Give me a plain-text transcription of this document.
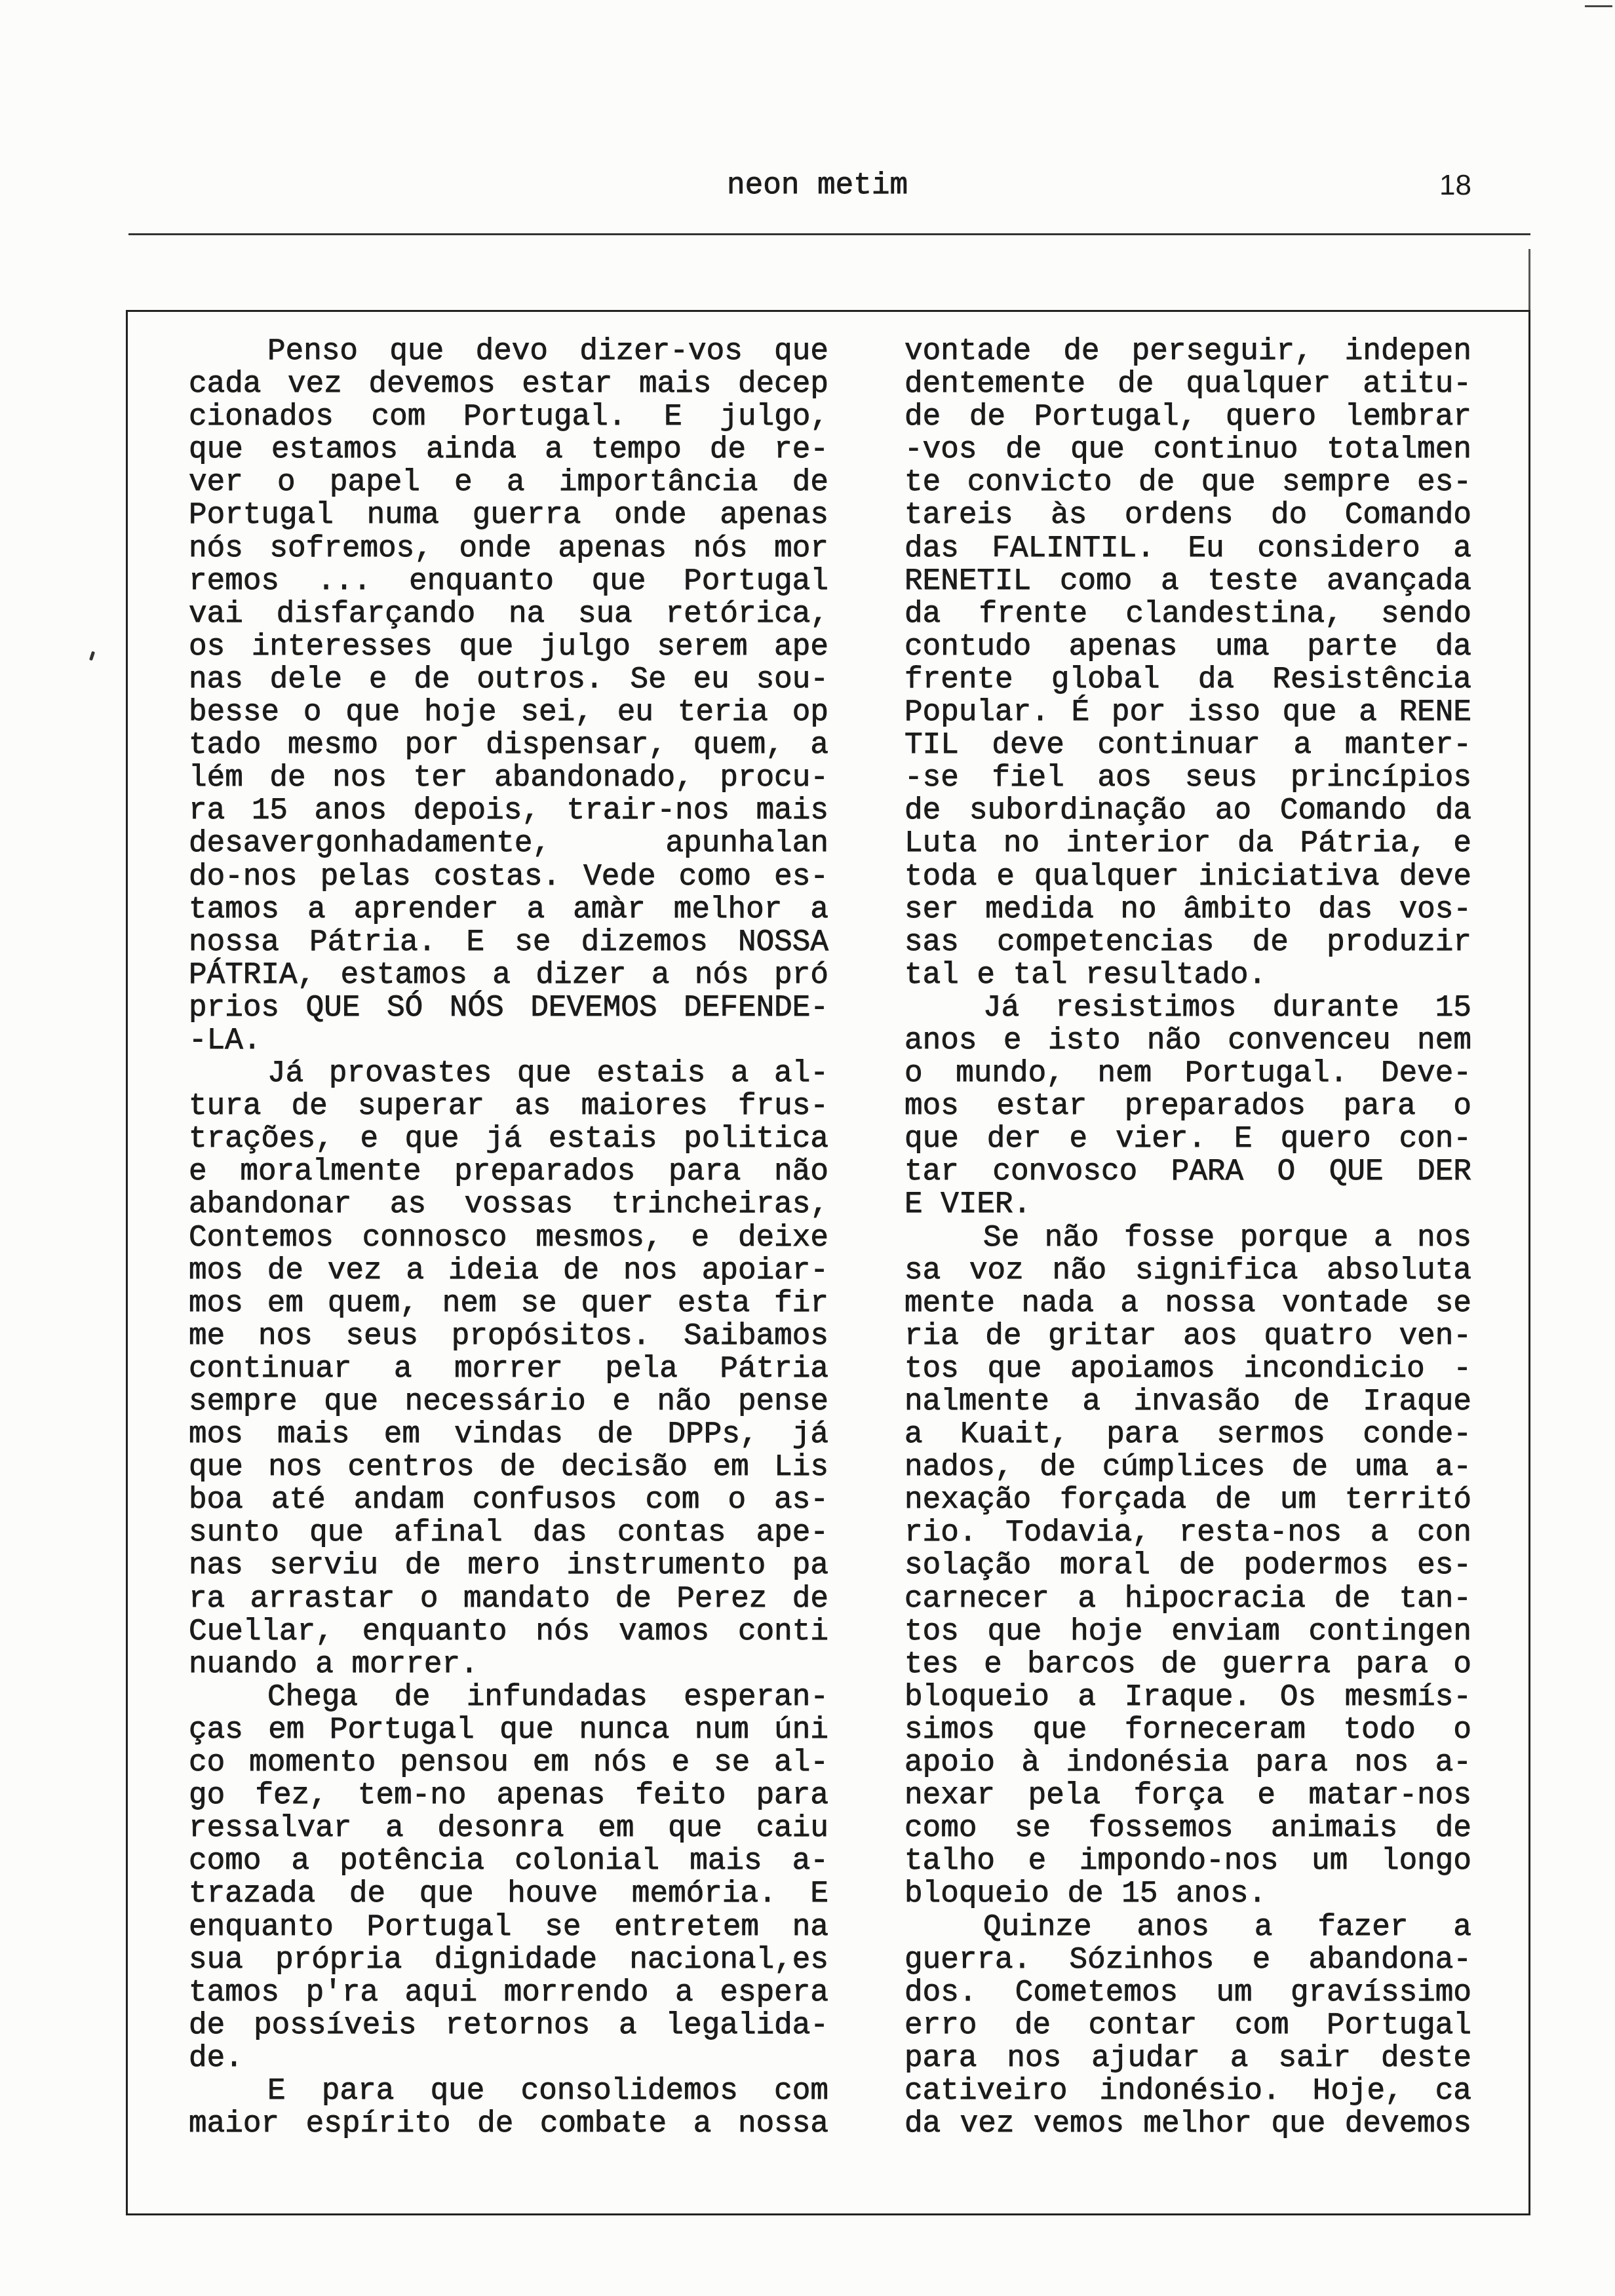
neon metim	18
Penso que devo dizer-vos que
cada vez devemos estar mais decep
cionados com Portugal. E julgo,
que estamos ainda a tempo de re-
ver o papel e a importância de
Portugal numa guerra onde apenas
nós sofremos, onde apenas nós mor
remos ... enquanto que Portugal
vai disfarçando na sua retórica,
os interesses que julgo serem ape
nas dele e de outros. Se eu sou-
besse o que hoje sei, eu teria op
tado mesmo por dispensar, quem, a
lém de nos ter abandonado, procu-
ra 15 anos depois, trair-nos mais
desavergonhadamente, apunhalan
do-nos pelas costas. Vede como es-
tamos a aprender a amàr melhor a
nossa Pátria. E se dizemos NOSSA
PÁTRIA, estamos a dizer a nós pró
prios QUE SÓ NÓS DEVEMOS DEFENDE-
-LA.
Já provastes que estais a al-
tura de superar as maiores frus-
trações, e que já estais politica
e moralmente preparados para não
abandonar as vossas trincheiras,
Contemos connosco mesmos, e deixe
mos de vez a ideia de nos apoiar-
mos em quem, nem se quer esta fir
me nos seus propósitos. Saibamos
continuar a morrer pela Pátria
sempre que necessário e não pense
mos mais em vindas de DPPs, já
que nos centros de decisão em Lis
boa até andam confusos com o as-
sunto que afinal das contas ape-
nas serviu de mero instrumento pa
ra arrastar o mandato de Perez de
Cuellar, enquanto nós vamos conti
nuando a morrer.
Chega de infundadas esperan-
ças em Portugal que nunca num úni
co momento pensou em nós e se al-
go fez, tem-no apenas feito para
ressalvar a desonra em que caiu
como a potência colonial mais a-
trazada de que houve memória. E
enquanto Portugal se entretem na
sua própria dignidade nacional,es
tamos p'ra aqui morrendo a espera
de possíveis retornos a legalida-
de.
E para que consolidemos com
maior espírito de combate a nossa
vontade de perseguir, indepen
dentemente de qualquer atitu-
de de Portugal, quero lembrar
-vos de que continuo totalmen
te convicto de que sempre es-
tareis às ordens do Comando
das FALINTIL. Eu considero a
RENETIL como a teste avançada
da frente clandestina, sendo
contudo apenas uma parte da
frente global da Resistência
Popular. É por isso que a RENE
TIL deve continuar a manter-
-se fiel aos seus princípios
de subordinação ao Comando da
Luta no interior da Pátria, e
toda e qualquer iniciativa deve
ser medida no âmbito das vos-
sas competencias de produzir
tal e tal resultado.
Já resistimos durante 15
anos e isto não convenceu nem
o mundo, nem Portugal. Deve-
mos estar preparados para o
que der e vier. E quero con-
tar convosco PARA O QUE DER
E VIER.
Se não fosse porque a nos
sa voz não significa absoluta
mente nada a nossa vontade se
ria de gritar aos quatro ven-
tos que apoiamos incondicio -
nalmente a invasão de Iraque
a Kuait, para sermos conde-
nados, de cúmplices de uma a-
nexação forçada de um territó
rio. Todavia, resta-nos a con
solação moral de podermos es-
carnecer a hipocracia de tan-
tos que hoje enviam contingen
tes e barcos de guerra para o
bloqueio a Iraque. Os mesmís-
simos que forneceram todo o
apoio à indonésia para nos a-
nexar pela força e matar-nos
como se fossemos animais de
talho e impondo-nos um longo
bloqueio de 15 anos.
Quinze anos a fazer a
guerra. Sózinhos e abandona-
dos. Cometemos um gravíssimo
erro de contar com Portugal
para nos ajudar a sair deste
cativeiro indonésio. Hoje, ca
da vez vemos melhor que devemos
